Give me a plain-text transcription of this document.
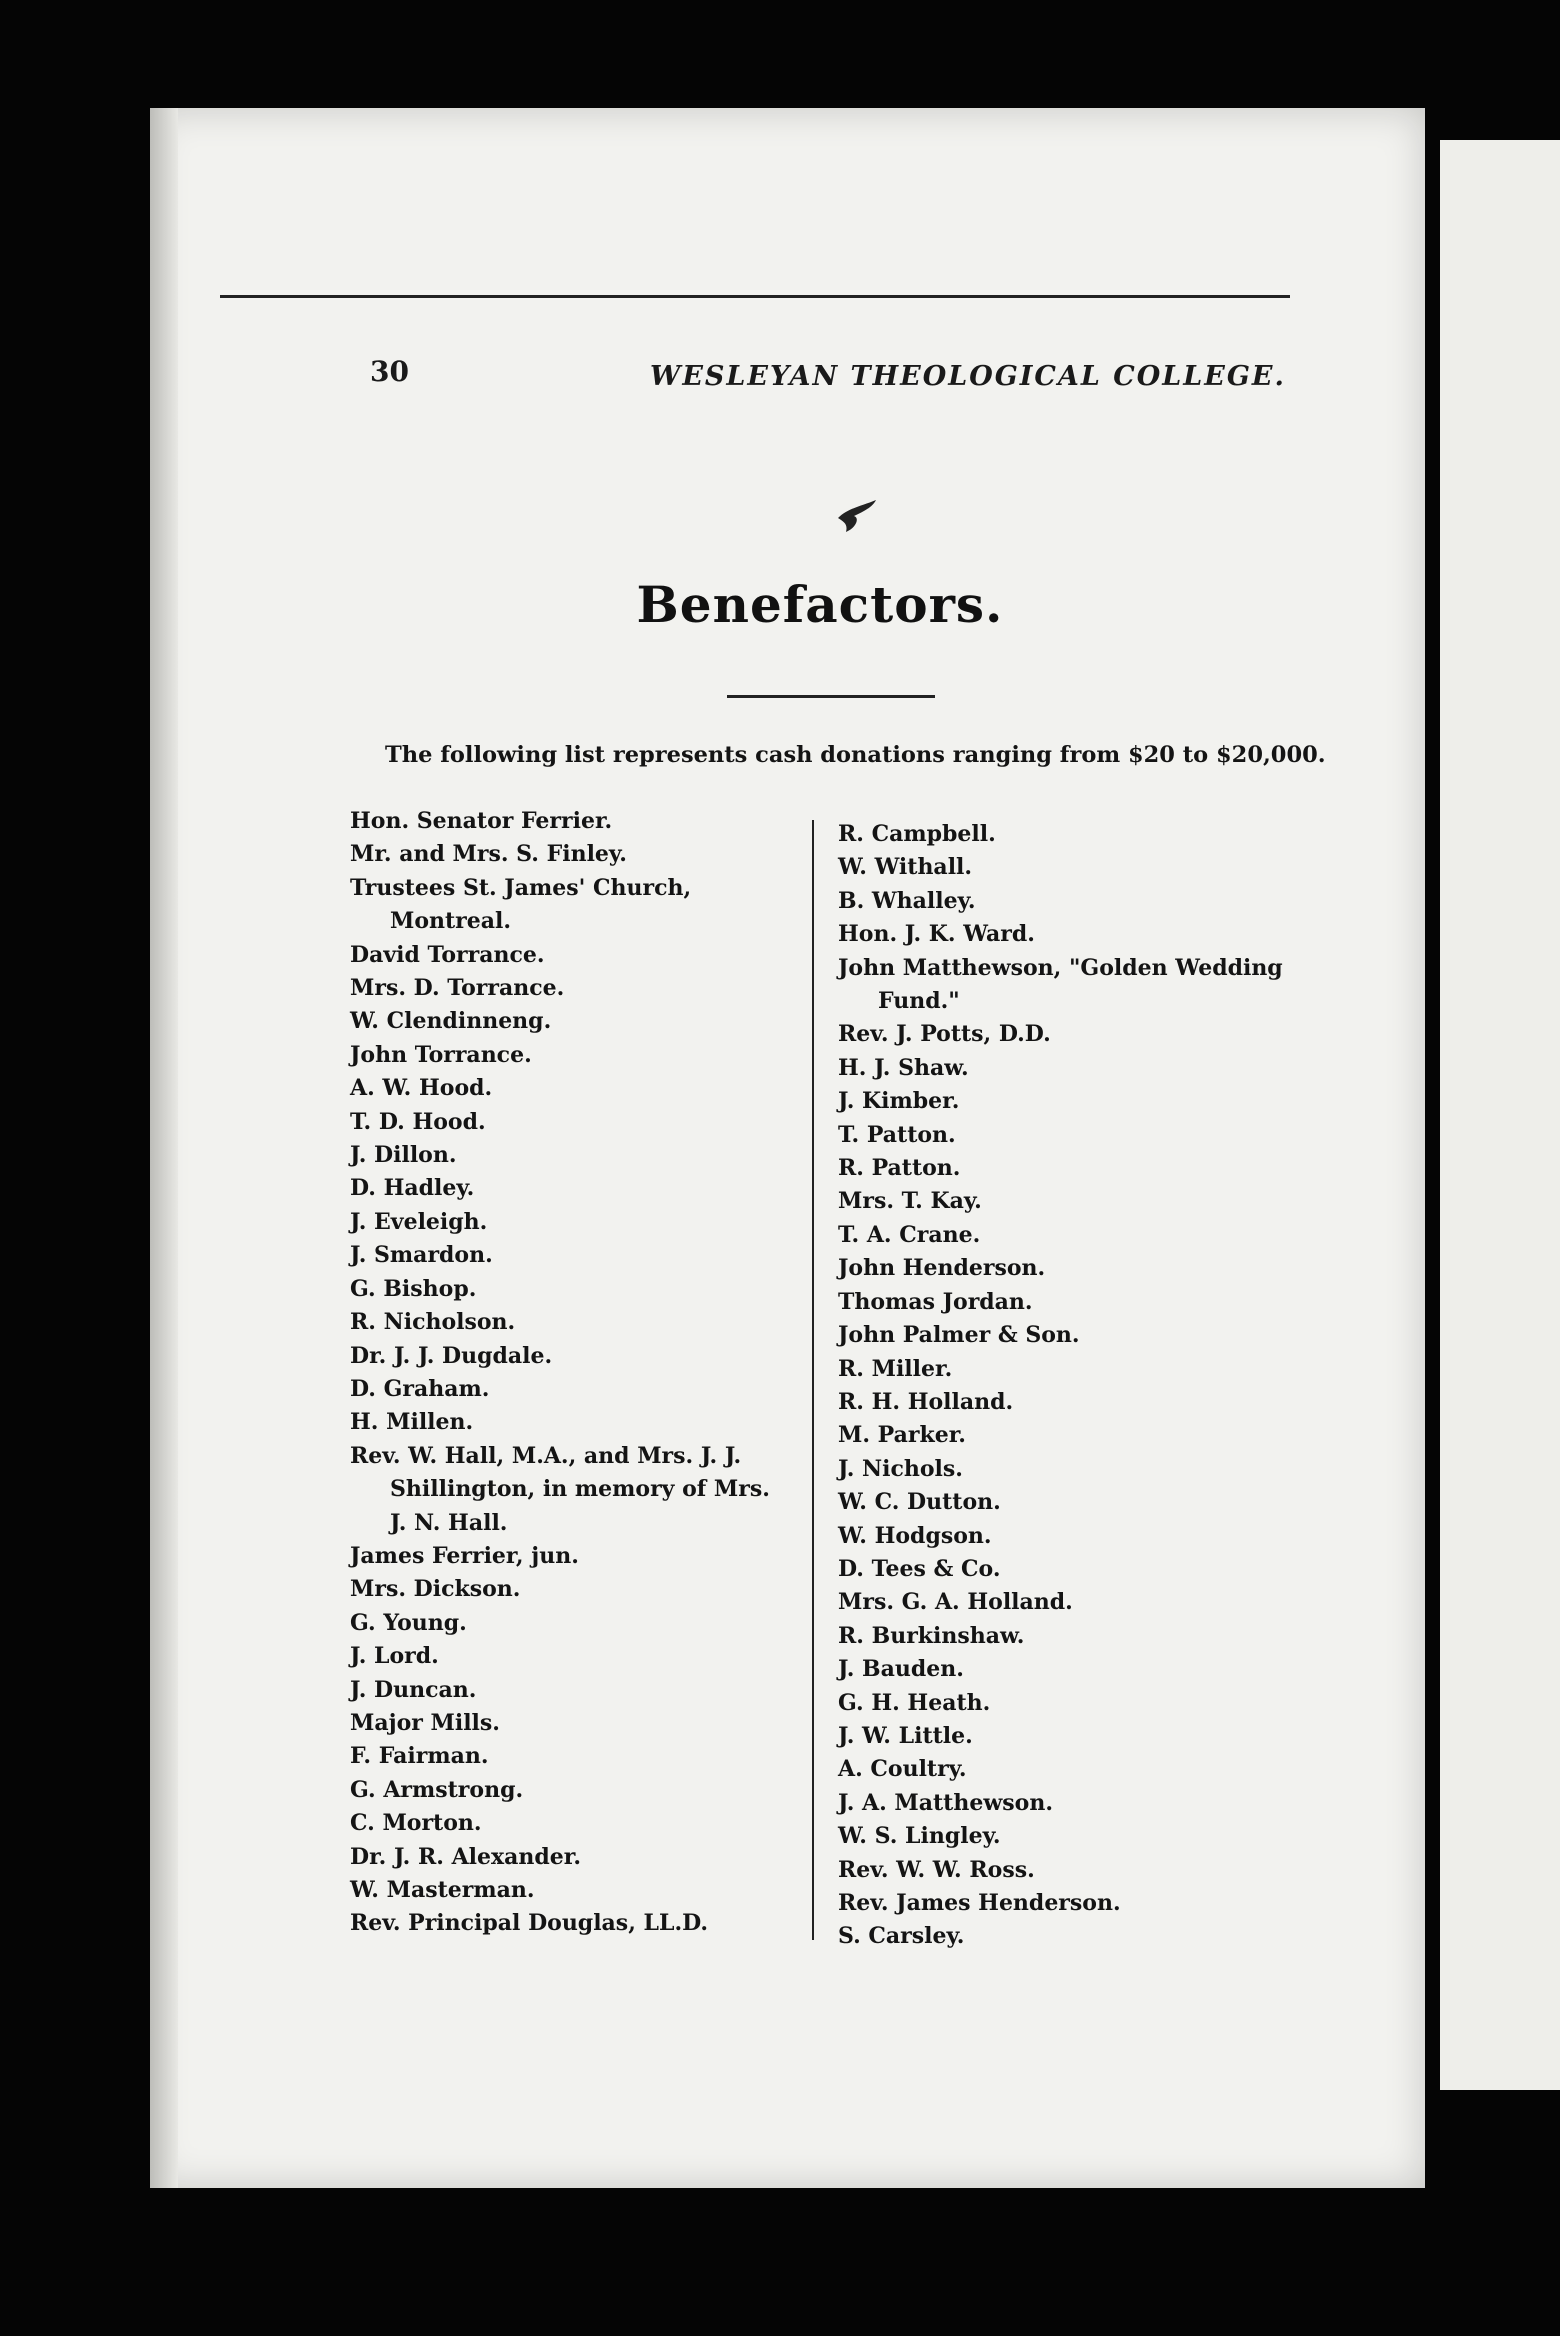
30	WESLEYAN THEOLOGICAL COLLEGE.
Benefactors.
The following list represents cash donations ranging from $20 to $20,000.
Hon. Senator Ferrier.
Mr. and Mrs. S. Finley.
Trustees St. James' Church, Montreal.
David Torrance.
Mrs. D. Torrance.
W. Clendinneng.
John Torrance.
A. W. Hood.
T. D. Hood.
J. Dillon.
D. Hadley.
J. Eveleigh.
J. Smardon.
G. Bishop.
R. Nicholson.
Dr. J. J. Dugdale.
D. Graham.
H. Millen.
Rev. W. Hall, M.A., and Mrs. J. J. Shillington, in memory of Mrs. J. N. Hall.
James Ferrier, jun.
Mrs. Dickson.
G. Young.
J. Lord.
J. Duncan.
Major Mills.
F. Fairman.
G. Armstrong.
C. Morton.
Dr. J. R. Alexander.
W. Masterman.
Rev. Principal Douglas, LL.D.
R. Campbell.
W. Withall.
B. Whalley.
Hon. J. K. Ward.
John Matthewson, "Golden Wedding Fund."
Rev. J. Potts, D.D.
H. J. Shaw.
J. Kimber.
T. Patton.
R. Patton.
Mrs. T. Kay.
T. A. Crane.
John Henderson.
Thomas Jordan.
John Palmer & Son.
R. Miller.
R. H. Holland.
M. Parker.
J. Nichols.
W. C. Dutton.
W. Hodgson.
D. Tees & Co.
Mrs. G. A. Holland.
R. Burkinshaw.
J. Bauden.
G. H. Heath.
J. W. Little.
A. Coultry.
J. A. Matthewson.
W. S. Lingley.
Rev. W. W. Ross.
Rev. James Henderson.
S. Carsley.
